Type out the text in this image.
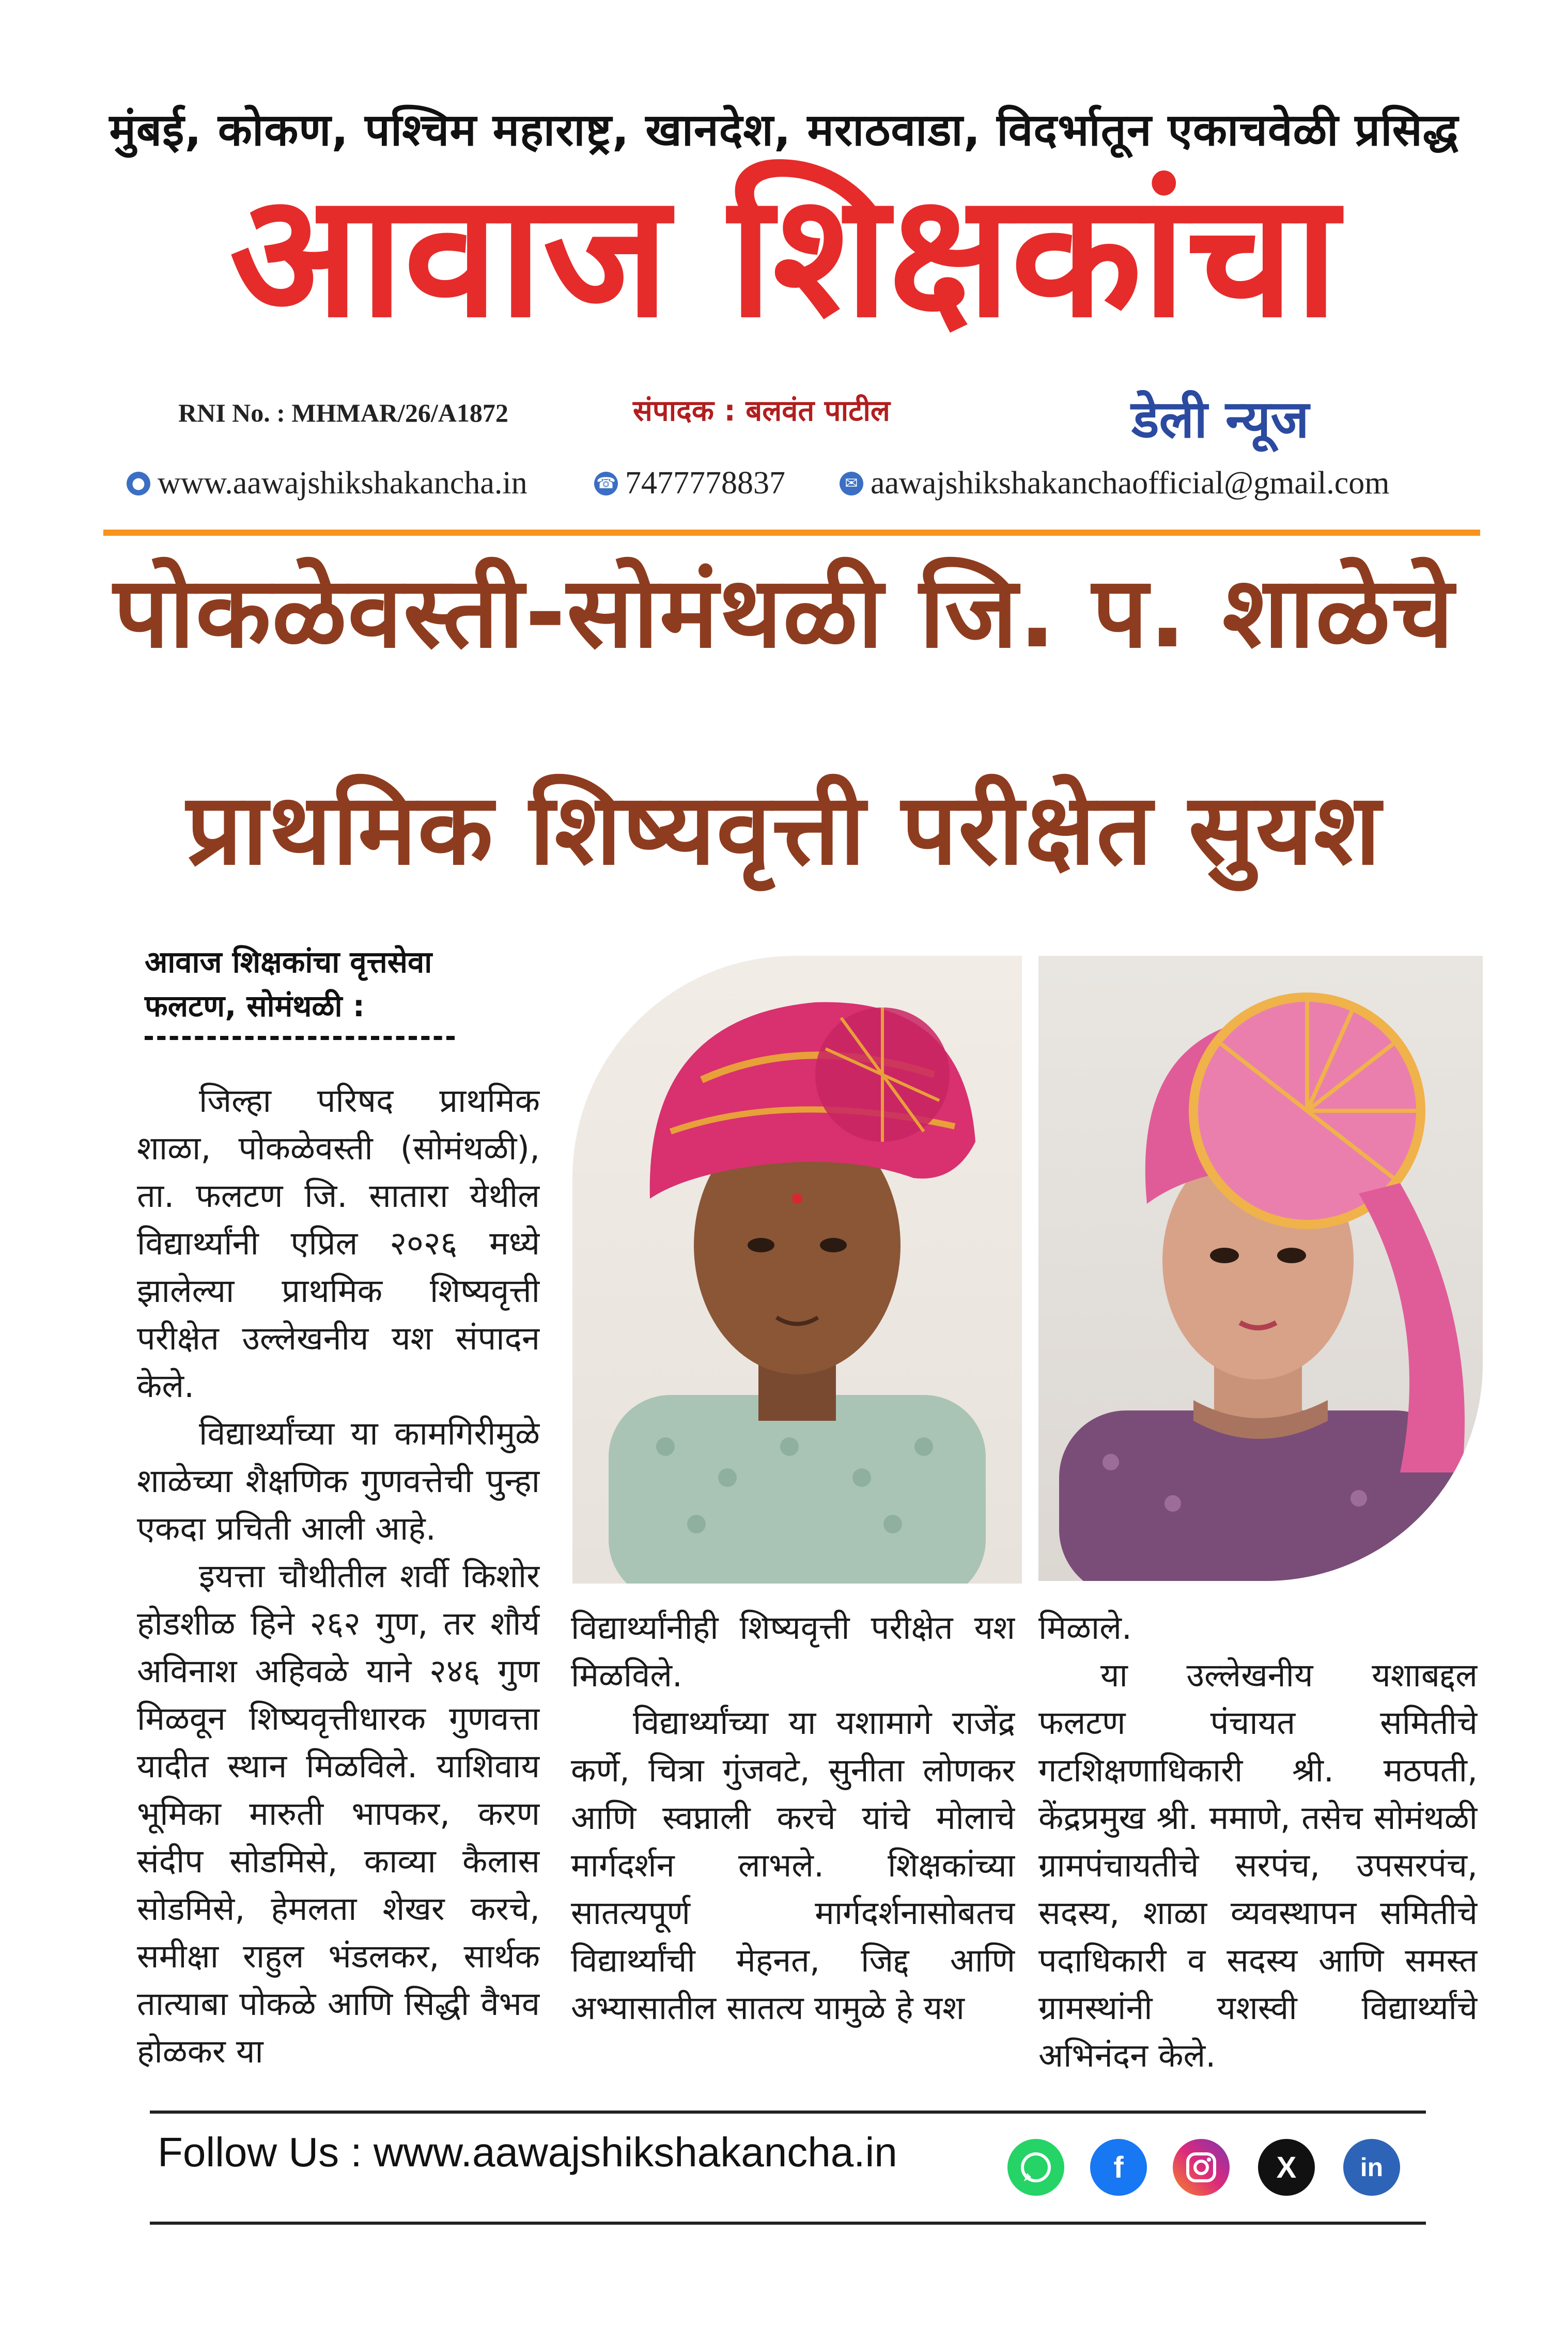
मुंबई, कोकण, पश्चिम महाराष्ट्र, खानदेश, मराठवाडा, विदर्भातून एकाचवेळी प्रसिद्ध
आवाज शिक्षकांचा
RNI No. : MHMAR/26/A1872	संपादक : बलवंत पाटील	डेली न्यूज
● www.aawajshikshakancha.in	☎ 7477778837	✉ aawajshikshakanchaofficial@gmail.com
पोकळेवस्ती-सोमंथळी जि. प. शाळेचे
प्राथमिक शिष्यवृत्ती परीक्षेत सुयश
आवाज शिक्षकांचा वृत्तसेवा
फलटण, सोमंथळी :

जिल्हा परिषद प्राथमिक शाळा, पोकळेवस्ती (सोमंथळी), ता. फलटण जि. सातारा येथील विद्यार्थ्यांनी एप्रिल २०२६ मध्ये झालेल्या प्राथमिक शिष्यवृत्ती परीक्षेत उल्लेखनीय यश संपादन केले.

विद्यार्थ्यांच्या या कामगिरीमुळे शाळेच्या शैक्षणिक गुणवत्तेची पुन्हा एकदा प्रचिती आली आहे.

इयत्ता चौथीतील शर्वी किशोर होडशीळ हिने २६२ गुण, तर शौर्य अविनाश अहिवळे याने २४६ गुण मिळवून शिष्यवृत्तीधारक गुणवत्ता यादीत स्थान मिळविले. याशिवाय भूमिका मारुती भापकर, करण संदीप सोडमिसे, काव्या कैलास सोडमिसे, हेमलता शेखर करचे, समीक्षा राहुल भंडलकर, सार्थक तात्याबा पोकळे आणि सिद्धी वैभव होळकर या

विद्यार्थ्यांनीही शिष्यवृत्ती परीक्षेत यश मिळविले.

विद्यार्थ्यांच्या या यशामागे राजेंद्र कर्णे, चित्रा गुंजवटे, सुनीता लोणकर आणि स्वप्नाली करचे यांचे मोलाचे मार्गदर्शन लाभले. शिक्षकांच्या सातत्यपूर्ण मार्गदर्शनासोबतच विद्यार्थ्यांची मेहनत, जिद्द आणि अभ्यासातील सातत्य यामुळे हे यश

मिळाले.

या उल्लेखनीय यशाबद्दल फलटण पंचायत समितीचे गटशिक्षणाधिकारी श्री. मठपती, केंद्रप्रमुख श्री. ममाणे, तसेच सोमंथळी ग्रामपंचायतीचे सरपंच, उपसरपंच, सदस्य, शाळा व्यवस्थापन समितीचे पदाधिकारी व सदस्य आणि समस्त ग्रामस्थांनी यशस्वी विद्यार्थ्यांचे अभिनंदन केले.

Follow Us : www.aawajshikshakancha.in	f	X	in
